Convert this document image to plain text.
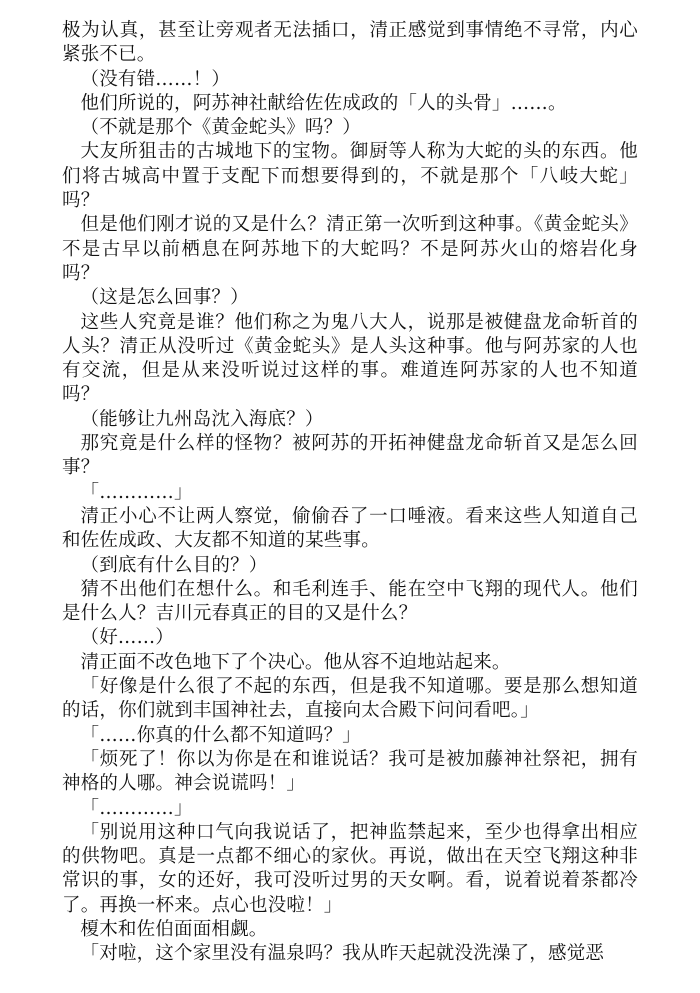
极为认真，甚至让旁观者无法插口，清正感觉到事情绝不寻常，内心紧张不已。

（没有错……！）

他们所说的，阿苏神社献给佐佐成政的「人的头骨」……。

（不就是那个《黄金蛇头》吗？）

大友所狙击的古城地下的宝物。御厨等人称为大蛇的头的东西。他们将古城高中置于支配下而想要得到的，不就是那个「八岐大蛇」吗？

但是他们刚才说的又是什么？清正第一次听到这种事。《黄金蛇头》不是古早以前栖息在阿苏地下的大蛇吗？不是阿苏火山的熔岩化身吗？

（这是怎么回事？）

这些人究竟是谁？他们称之为鬼八大人，说那是被健盘龙命斩首的人头？清正从没听过《黄金蛇头》是人头这种事。他与阿苏家的人也有交流，但是从来没听说过这样的事。难道连阿苏家的人也不知道吗？

（能够让九州岛沈入海底？）

那究竟是什么样的怪物？被阿苏的开拓神健盘龙命斩首又是怎么回事？

「…………」

清正小心不让两人察觉，偷偷吞了一口唾液。看来这些人知道自己和佐佐成政、大友都不知道的某些事。

（到底有什么目的？）

猜不出他们在想什么。和毛利连手、能在空中飞翔的现代人。他们是什么人？吉川元春真正的目的又是什么？

（好……）

清正面不改色地下了个决心。他从容不迫地站起来。

「好像是什么很了不起的东西，但是我不知道哪。要是那么想知道的话，你们就到丰国神社去，直接向太合殿下问问看吧。」

「……你真的什么都不知道吗？」

「烦死了！你以为你是在和谁说话？我可是被加藤神社祭祀，拥有神格的人哪。神会说谎吗！」

「…………」

「别说用这种口气向我说话了，把神监禁起来，至少也得拿出相应的供物吧。真是一点都不细心的家伙。再说，做出在天空飞翔这种非常识的事，女的还好，我可没听过男的天女啊。看，说着说着茶都冷了。再换一杯来。点心也没啦！」

榎木和佐伯面面相觑。

「对啦，这个家里没有温泉吗？我从昨天起就没洗澡了，感觉恶
